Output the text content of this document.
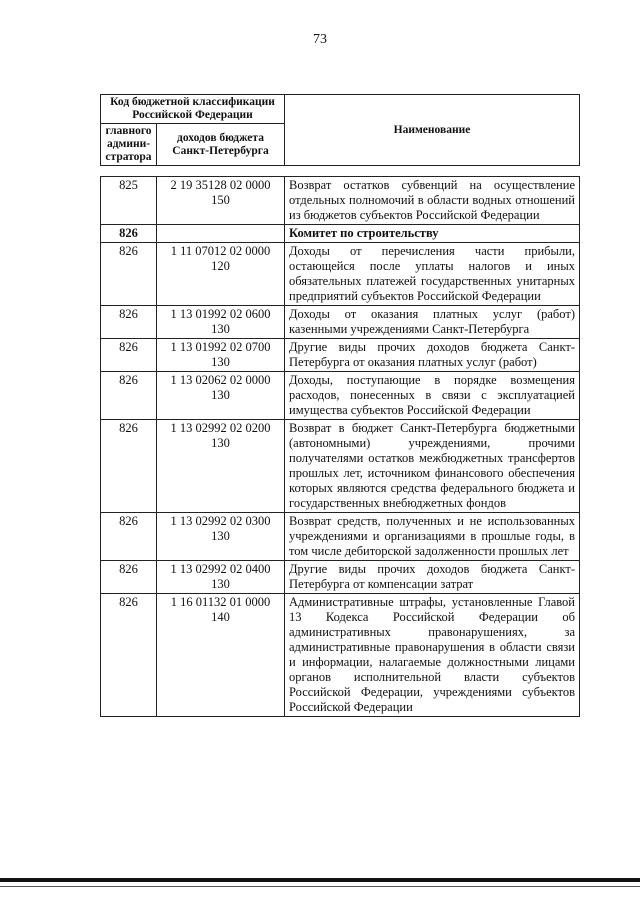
73
Код бюджетной классификации Российской Федерации		Наименование
главного админи-стратора	доходов бюджета Санкт-Петербурга	
825	2 19 35128 02 0000 150	Возврат остатков субвенций на осуществление отдельных полномочий в области водных отношений из бюджетов субъектов Российской Федерации
826		Комитет по строительству
826	1 11 07012 02 0000 120	Доходы от перечисления части прибыли, остающейся после уплаты налогов и иных обязательных платежей государственных унитарных предприятий субъектов Российской Федерации
826	1 13 01992 02 0600 130	Доходы от оказания платных услуг (работ) казенными учреждениями Санкт-Петербурга
826	1 13 01992 02 0700 130	Другие виды прочих доходов бюджета Санкт-Петербурга от оказания платных услуг (работ)
826	1 13 02062 02 0000 130	Доходы, поступающие в порядке возмещения расходов, понесенных в связи с эксплуатацией имущества субъектов Российской Федерации
826	1 13 02992 02 0200 130	Возврат в бюджет Санкт-Петербурга бюджетными (автономными) учреждениями, прочими получателями остатков межбюджетных трансфертов прошлых лет, источником финансового обеспечения которых являются средства федерального бюджета и государственных внебюджетных фондов
826	1 13 02992 02 0300 130	Возврат средств, полученных и не использованных учреждениями и организациями в прошлые годы, в том числе дебиторской задолженности прошлых лет
826	1 13 02992 02 0400 130	Другие виды прочих доходов бюджета Санкт-Петербурга от компенсации затрат
826	1 16 01132 01 0000 140	Административные штрафы, установленные Главой 13 Кодекса Российской Федерации об административных правонарушениях, за административные правонарушения в области связи и информации, налагаемые должностными лицами органов исполнительной власти субъектов Российской Федерации, учреждениями субъектов Российской Федерации
